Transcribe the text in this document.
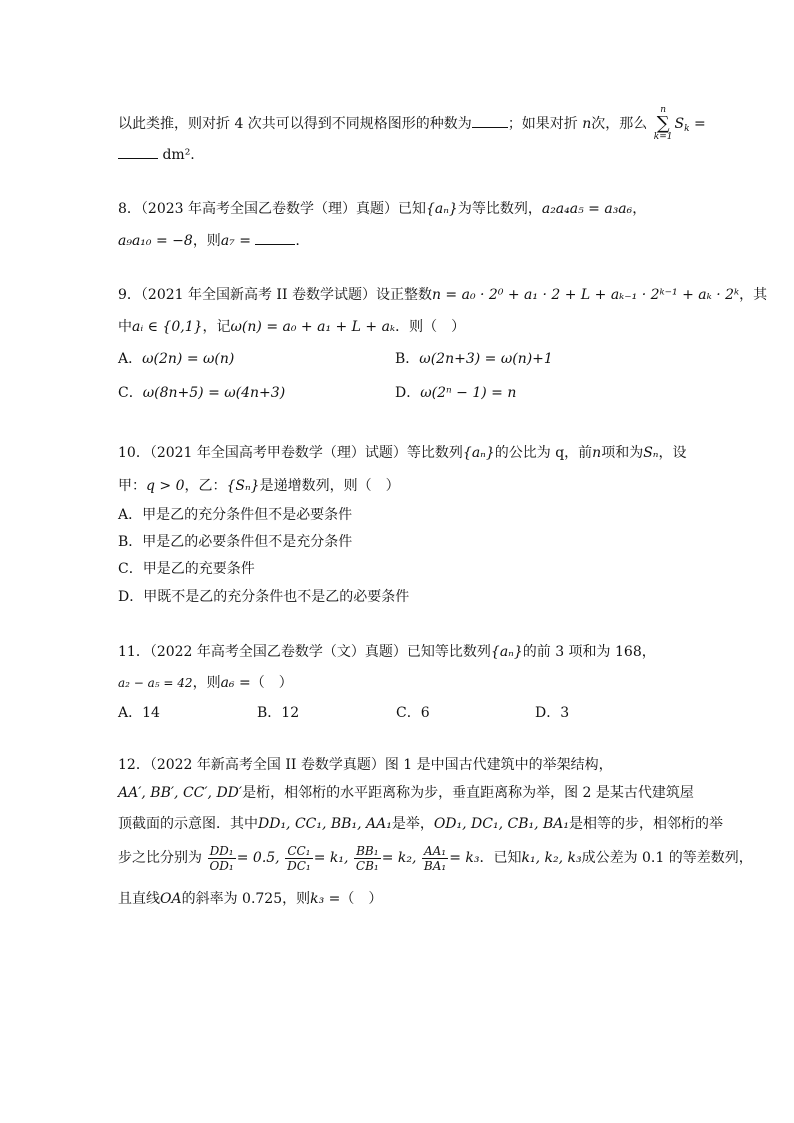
以此类推，则对折 4 次共可以得到不同规格图形的种数为	；如果对折 n次，那么
n
∑
k=1
$S_k$ =
dm².
8．（2023 年高考全国乙卷数学（理）真题）已知{aₙ}为等比数列，a₂a₄a₅ = a₃a₆，
a₉a₁₀ = −8，则a₇ =	.
9．（2021 年全国新高考 II 卷数学试题）设正整数n = a₀ · 2⁰ + a₁ · 2 + L + aₖ₋₁ · 2ᵏ⁻¹ + aₖ · 2ᵏ，其
中aᵢ ∈ {0,1}，记ω(n) = a₀ + a₁ + L + aₖ．则（　）
A．ω(2n) = ω(n)	B．ω(2n+3) = ω(n)+1
C．ω(8n+5) = ω(4n+3)	D．ω(2ⁿ − 1) = n
10．（2021 年全国高考甲卷数学（理）试题）等比数列{aₙ}的公比为 q，前n项和为Sₙ，设
甲：q > 0，乙：{Sₙ}是递增数列，则（　）
A．甲是乙的充分条件但不是必要条件
B．甲是乙的必要条件但不是充分条件
C．甲是乙的充要条件
D．甲既不是乙的充分条件也不是乙的必要条件
11．（2022 年高考全国乙卷数学（文）真题）已知等比数列{aₙ}的前 3 项和为 168，
a₂ − a₅ = 42，则a₆ =（　）
A．14	B．12	C．6	D．3
12．（2022 年新高考全国 II 卷数学真题）图 1 是中国古代建筑中的举架结构，
AA′, BB′, CC′, DD′是桁，相邻桁的水平距离称为步，垂直距离称为举，图 2 是某古代建筑屋
顶截面的示意图．其中DD₁, CC₁, BB₁, AA₁是举，OD₁, DC₁, CB₁, BA₁是相等的步，相邻桁的举
步之比分别为 $\frac{\text{DD₁}}{\text{OD₁}} = 0.5$, $\frac{\text{CC₁}}{\text{DC₁}} = k_1$, $\frac{\text{BB₁}}{\text{CB₁}} = k_2$, $\frac{\text{AA₁}}{\text{BA₁}} = k_3$．已知k₁, k₂, k₃成公差为 0.1 的等差数列，
且直线OA的斜率为 0.725，则k₃ =（　）
